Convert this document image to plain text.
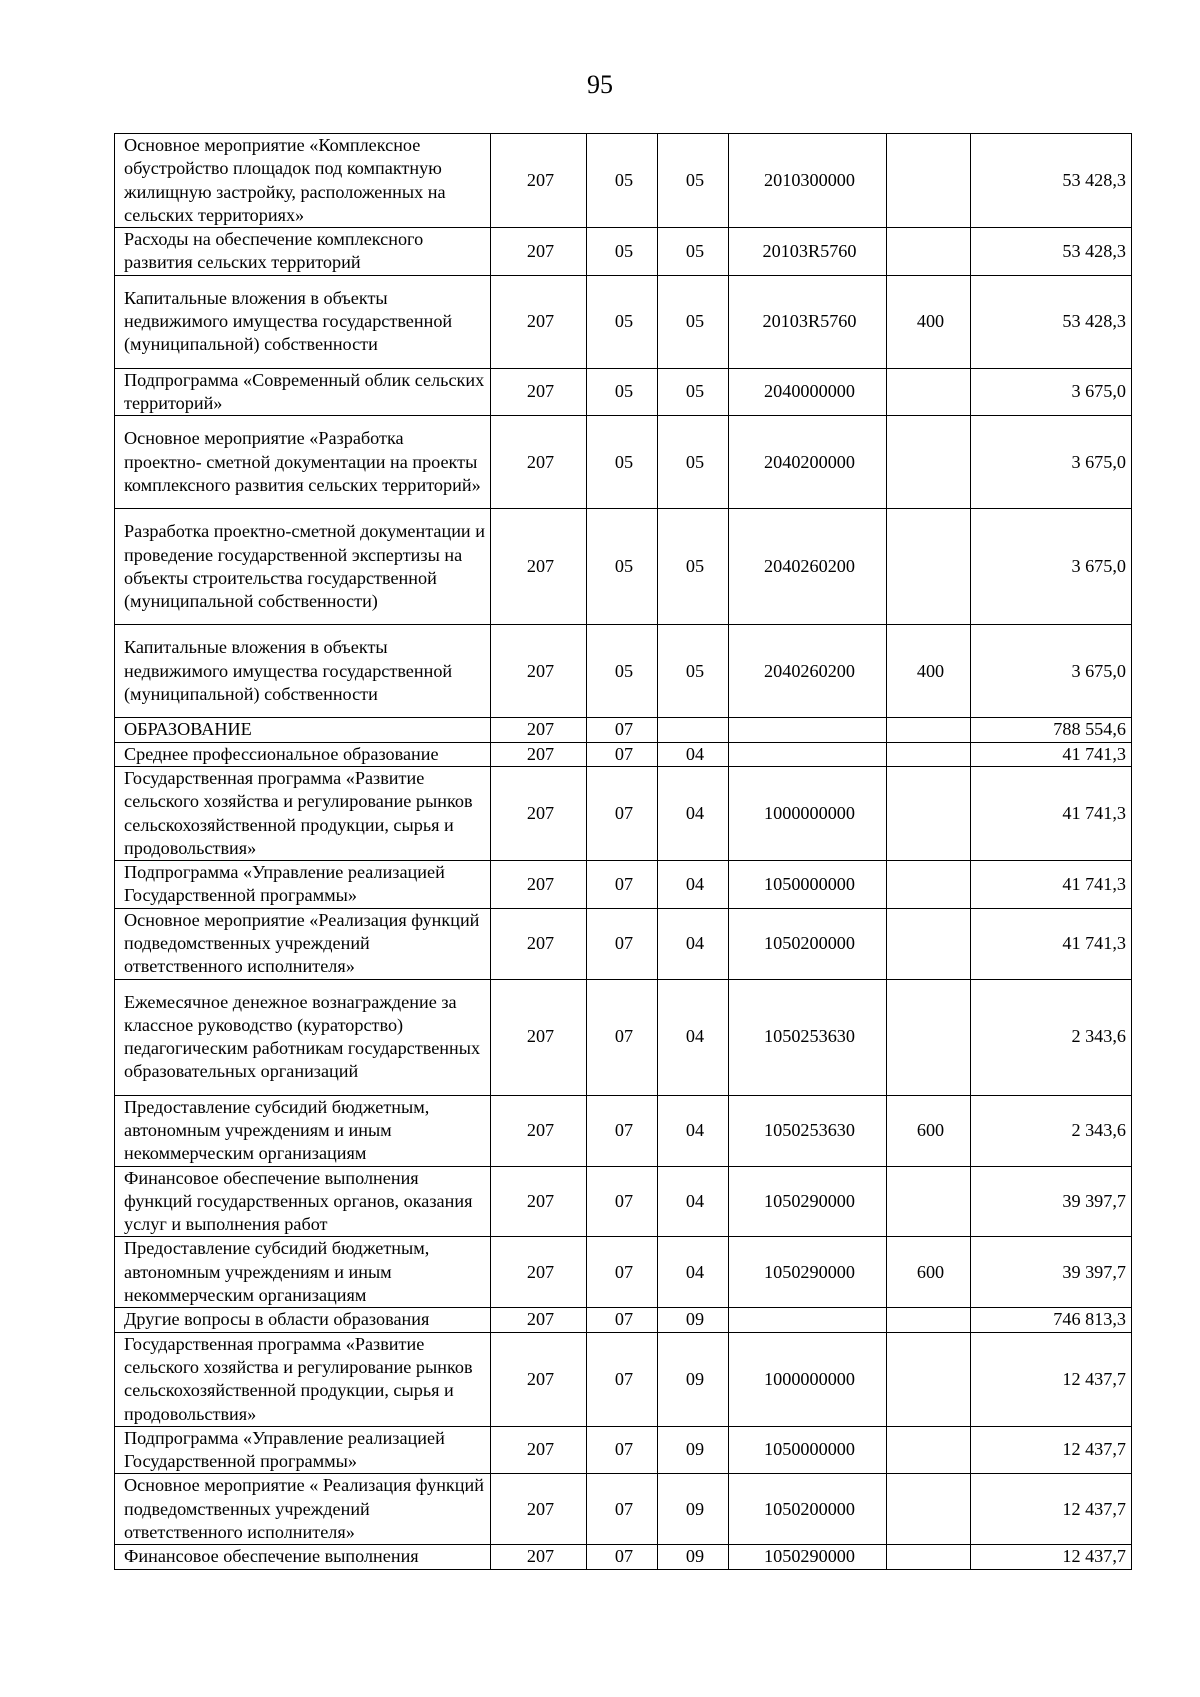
95
Основное мероприятие «Комплексное обустройство площадок под компактную жилищную застройку, расположенных на сельских территориях»	207	05	05	2010300000		53 428,3
Расходы на обеспечение комплексного развития сельских территорий	207	05	05	20103R5760		53 428,3
Капитальные вложения в объекты недвижимого имущества государственной (муниципальной) собственности	207	05	05	20103R5760	400	53 428,3
Подпрограмма «Современный облик сельских территорий»	207	05	05	2040000000		3 675,0
Основное мероприятие «Разработка проектно- сметной документации на проекты комплексного развития сельских территорий»	207	05	05	2040200000		3 675,0
Разработка проектно-сметной документации и проведение государственной экспертизы на объекты строительства государственной (муниципальной собственности)	207	05	05	2040260200		3 675,0
Капитальные вложения в объекты недвижимого имущества государственной (муниципальной) собственности	207	05	05	2040260200	400	3 675,0
ОБРАЗОВАНИЕ	207	07				788 554,6
Среднее профессиональное образование	207	07	04			41 741,3
Государственная программа «Развитие сельского хозяйства и регулирование рынков сельскохозяйственной продукции, сырья и продовольствия»	207	07	04	1000000000		41 741,3
Подпрограмма «Управление реализацией Государственной программы»	207	07	04	1050000000		41 741,3
Основное мероприятие «Реализация функций подведомственных учреждений ответственного исполнителя»	207	07	04	1050200000		41 741,3
Ежемесячное денежное вознаграждение за классное руководство (кураторство) педагогическим работникам государственных образовательных организаций	207	07	04	1050253630		2 343,6
Предоставление субсидий бюджетным, автономным учреждениям и иным некоммерческим организациям	207	07	04	1050253630	600	2 343,6
Финансовое обеспечение выполнения функций государственных органов, оказания услуг и выполнения работ	207	07	04	1050290000		39 397,7
Предоставление субсидий бюджетным, автономным учреждениям и иным некоммерческим организациям	207	07	04	1050290000	600	39 397,7
Другие вопросы в области образования	207	07	09			746 813,3
Государственная программа «Развитие сельского хозяйства и регулирование рынков сельскохозяйственной продукции, сырья и продовольствия»	207	07	09	1000000000		12 437,7
Подпрограмма «Управление реализацией Государственной программы»	207	07	09	1050000000		12 437,7
Основное мероприятие « Реализация функций подведомственных учреждений ответственного исполнителя»	207	07	09	1050200000		12 437,7
Финансовое обеспечение выполнения	207	07	09	1050290000		12 437,7
